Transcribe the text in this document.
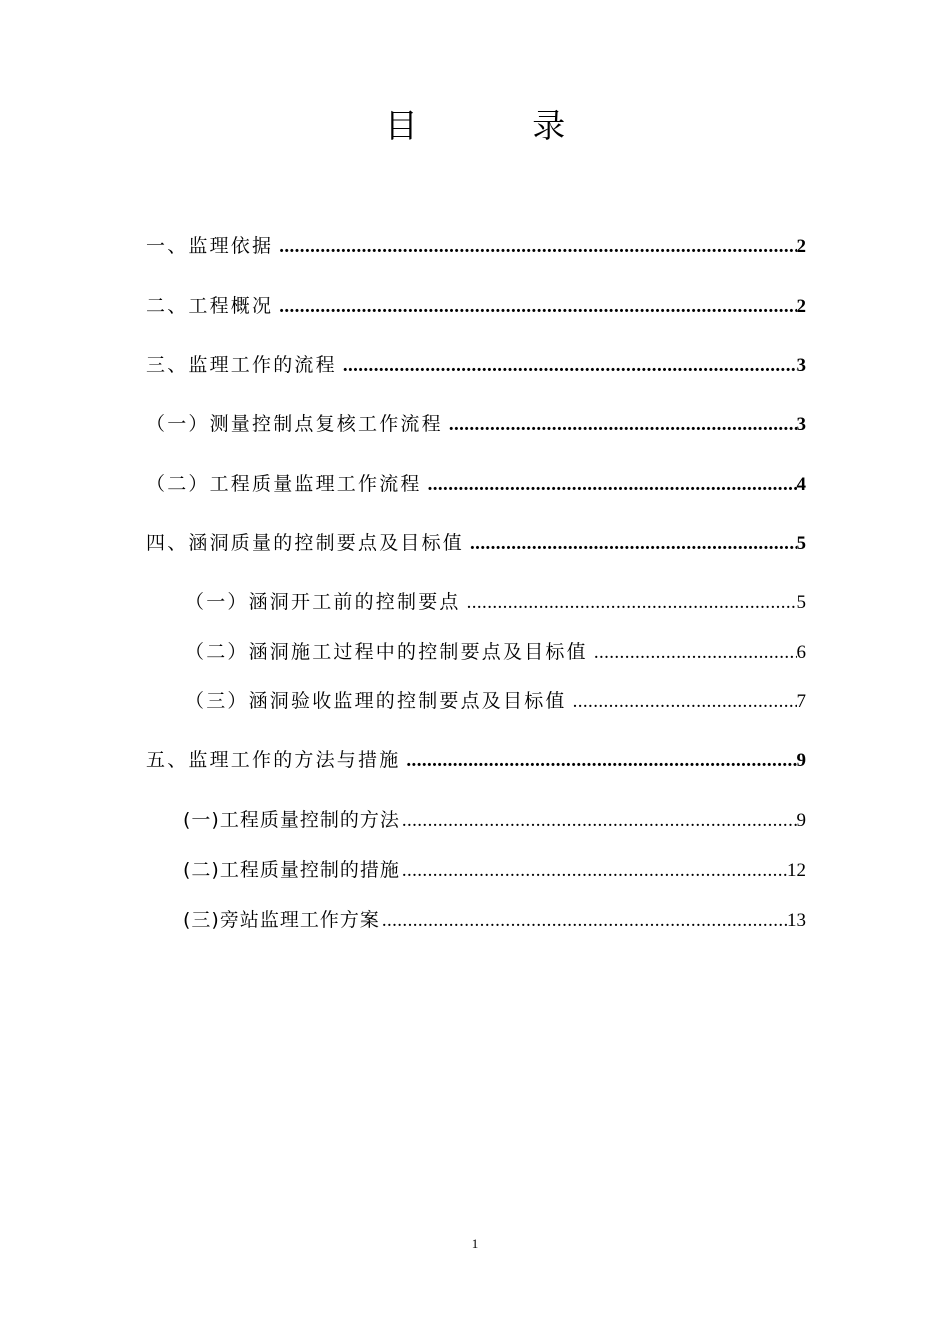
目 录
一、监理依据 .....	2
二、工程概况 .....	2
三、监理工作的流程 .....	3
（一）测量控制点复核工作流程 .....	3
（二）工程质量监理工作流程 .....	4
四、涵洞质量的控制要点及目标值 .....	5
（一）涵洞开工前的控制要点 .....	5
（二）涵洞施工过程中的控制要点及目标值 .....	6
（三）涵洞验收监理的控制要点及目标值 .....	7
五、监理工作的方法与措施 .....	9
(一)工程质量控制的方法 .....	9
(二)工程质量控制的措施 .....	12
(三)旁站监理工作方案 .....	13
1
